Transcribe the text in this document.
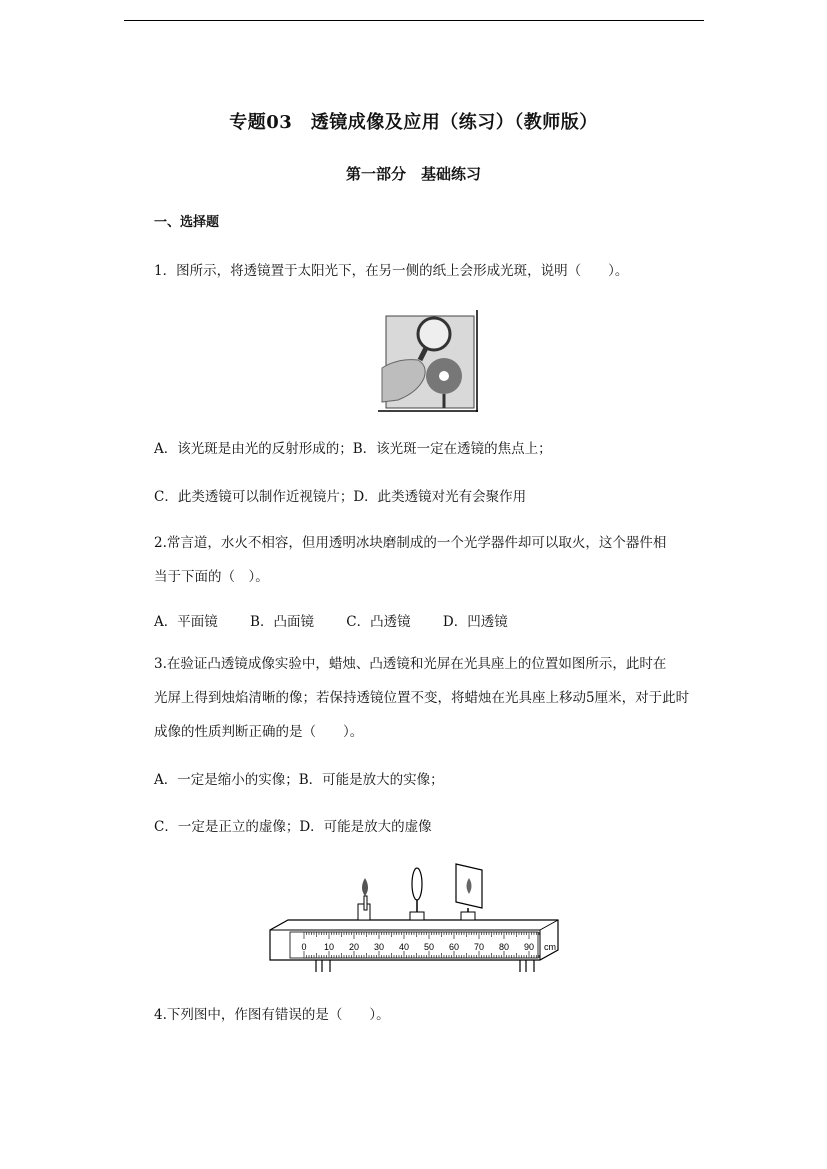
专题03　透镜成像及应用（练习）（教师版）
第一部分　基础练习
一、选择题
1．图所示，将透镜置于太阳光下，在另一侧的纸上会形成光斑，说明（　　）。
A．该光斑是由光的反射形成的；B．该光斑一定在透镜的焦点上；
C．此类透镜可以制作近视镜片；D．此类透镜对光有会聚作用
2.常言道，水火不相容，但用透明冰块磨制成的一个光学器件却可以取火，这个器件相
当于下面的（　）。
A．平面镜 B．凸面镜 C．凸透镜 D．凹透镜
3.在验证凸透镜成像实验中，蜡烛、凸透镜和光屏在光具座上的位置如图所示，此时在
光屏上得到烛焰清晰的像；若保持透镜位置不变，将蜡烛在光具座上移动5厘米，对于此时
成像的性质判断正确的是（　　）。
A．一定是缩小的实像；B．可能是放大的实像；
C．一定是正立的虚像；D．可能是放大的虚像
0 10 20 30 40 50 60 70 80 90 cm
4.下列图中，作图有错误的是（　　）。
